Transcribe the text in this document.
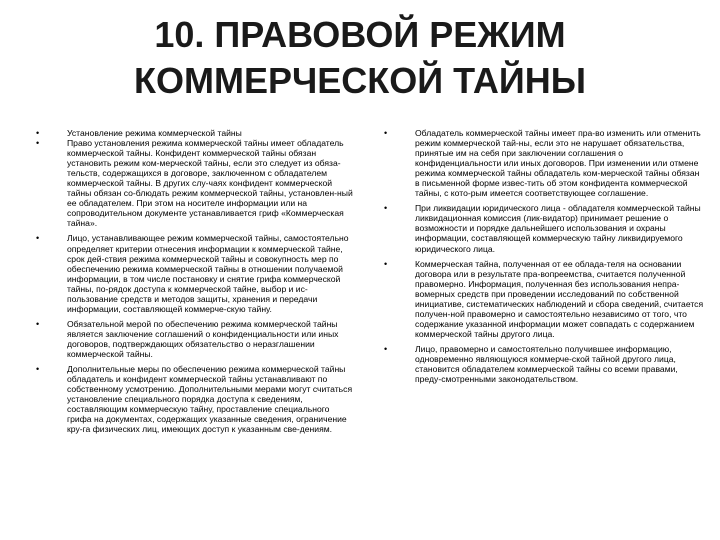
10. ПРАВОВОЙ РЕЖИМ
КОММЕРЧЕСКОЙ ТАЙНЫ
•	Установление режима коммерческой тайны
•	Право установления режима коммерческой тайны имеет обладатель коммерческой тайны. Конфидент коммерческой тайны обязан установить режим ком-мерческой тайны, если это следует из обяза-тельств, содержащихся в договоре, заключенном с обладателем коммерческой тайны. В других слу-чаях конфидент коммерческой тайны обязан со-блюдать режим коммерческой тайны, установлен-ный ее обладателем. При этом на носителе информации или на сопроводительном документе устанавливается гриф «Коммерческая тайна».
•	Лицо, устанавливающее режим коммерческой тайны, самостоятельно определяет критерии отнесения информации к коммерческой тайне, срок дей-ствия режима коммерческой тайны и совокупность мер по обеспечению режима коммерческой тайны в отношении получаемой информации, в том числе постановку и снятие грифа коммерческой тайны, по-рядок доступа к коммерческой тайне, выбор и ис-пользование средств и методов защиты, хранения и передачи информации, составляющей коммерче-скую тайну.
•	Обязательной мерой по обеспечению режима коммерческой тайны является заключение соглашений о конфиденциальности или иных договоров, подтверждающих обязательство о неразглашении коммерческой тайны.
•	Дополнительные меры по обеспечению режима коммерческой тайны обладатель и конфидент коммерческой тайны устанавливают по собственному усмотрению. Дополнительными мерами могут считаться установление специального порядка доступа к сведениям, составляющим коммерческую тайну, проставление специального грифа на документах, содержащих указанные сведения, ограничение кру-га физических лиц, имеющих доступ к указанным све-дениям.
•	Обладатель коммерческой тайны имеет пра-во изменить или отменить режим коммерческой тай-ны, если это не нарушает обязательства, принятые им на себя при заключении соглашения о конфиденциальности или иных договоров. При изменении или отмене режима коммерческой тайны обладатель ком-мерческой тайны обязан в письменной форме извес-тить об этом конфидента коммерческой тайны, с кото-рым имеется соответствующее соглашение.
•	При ликвидации юридического лица - обладателя коммерческой тайны ликвидационная комиссия (лик-видатор) принимает решение о возможности и порядке дальнейшего использования и охраны информации, составляющей коммерческую тайну ликвидируемого юридического лица.
•	Коммерческая тайна, полученная от ее облада-теля на основании договора или в результате пра-вопреемства, считается полученной правомерно. Информация, полученная без использования непра-вомерных средств при проведении исследований по собственной инициативе, систематических наблюдений и сбора сведений, считается получен-ной правомерно и самостоятельно независимо от того, что содержание указанной информации может совпадать с содержанием коммерческой тайны другого лица.
•	Лицо, правомерно и самостоятельно получившее информацию, одновременно являющуюся коммерче-ской тайной другого лица, становится обладателем коммерческой тайны со всеми правами, преду-смотренными законодательством.
